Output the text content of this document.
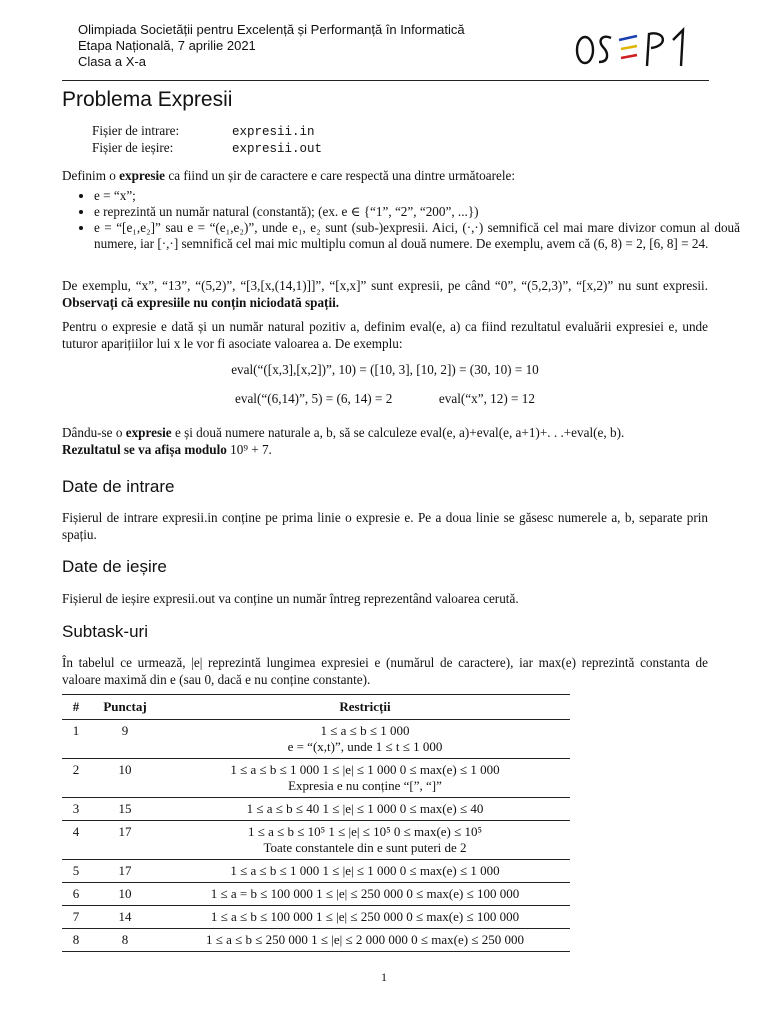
Olimpiada Societății pentru Excelență și Performanță în Informatică
Etapa Națională, 7 aprilie 2021
Clasa a X-a
Problema Expresii
Fișier de intrare:	expresii.in
Fișier de ieșire:	expresii.out
Definim o expresie ca fiind un șir de caractere e care respectă una dintre următoarele:
• e = “x”;
• e reprezintă un număr natural (constantă); (ex. e ∈ {“1”, “2”, “200”, ...})
• e = “[e₁,e₂]” sau e = “(e₁,e₂)”, unde e₁, e₂ sunt (sub-)expresii. Aici, (·,·) semnifică cel mai mare divizor comun al două numere, iar [·,·] semnifică cel mai mic multiplu comun al două numere. De exemplu, avem că (6, 8) = 2, [6, 8] = 24.
De exemplu, “x”, “13”, “(5,2)”, “[3,[x,(14,1)]]”, “[x,x]” sunt expresii, pe când “0”, “(5,2,3)”, “[x,2)” nu sunt expresii. Observați că expresiile nu conțin niciodată spații.
Pentru o expresie e dată și un număr natural pozitiv a, definim eval(e, a) ca fiind rezultatul evaluării expresiei e, unde tuturor aparițiilor lui x le vor fi asociate valoarea a. De exemplu:
eval(“([x,3],[x,2])”, 10) = ([10, 3], [10, 2]) = (30, 10) = 10
eval(“(6,14)”, 5) = (6, 14) = 2	eval(“x”, 12) = 12
Dându-se o expresie e și două numere naturale a, b, să se calculeze eval(e, a)+eval(e, a+1)+. . .+eval(e, b).
Rezultatul se va afișa modulo 10⁹ + 7.
Date de intrare
Fișierul de intrare expresii.in conține pe prima linie o expresie e. Pe a doua linie se găsesc numerele a, b, separate prin spațiu.
Date de ieșire
Fișierul de ieșire expresii.out va conține un număr întreg reprezentând valoarea cerută.
Subtask-uri
În tabelul ce urmează, |e| reprezintă lungimea expresiei e (numărul de caractere), iar max(e) reprezintă constanta de valoare maximă din e (sau 0, dacă e nu conține constante).
#	Punctaj	Restricții
1	9	1 ≤ a ≤ b ≤ 1 000
e = “(x,t)”, unde 1 ≤ t ≤ 1 000

2	10	1 ≤ a ≤ b ≤ 1 000 1 ≤ |e| ≤ 1 000 0 ≤ max(e) ≤ 1 000
Expresia e nu conține “[”, “]”

3	15	1 ≤ a ≤ b ≤ 40 1 ≤ |e| ≤ 1 000 0 ≤ max(e) ≤ 40
4	17	1 ≤ a ≤ b ≤ 10⁵ 1 ≤ |e| ≤ 10⁵ 0 ≤ max(e) ≤ 10⁵
Toate constantele din e sunt puteri de 2

5	17	1 ≤ a ≤ b ≤ 1 000 1 ≤ |e| ≤ 1 000 0 ≤ max(e) ≤ 1 000
6	10	1 ≤ a = b ≤ 100 000 1 ≤ |e| ≤ 250 000 0 ≤ max(e) ≤ 100 000
7	14	1 ≤ a ≤ b ≤ 100 000 1 ≤ |e| ≤ 250 000 0 ≤ max(e) ≤ 100 000
8	8	1 ≤ a ≤ b ≤ 250 000 1 ≤ |e| ≤ 2 000 000 0 ≤ max(e) ≤ 250 000
1
